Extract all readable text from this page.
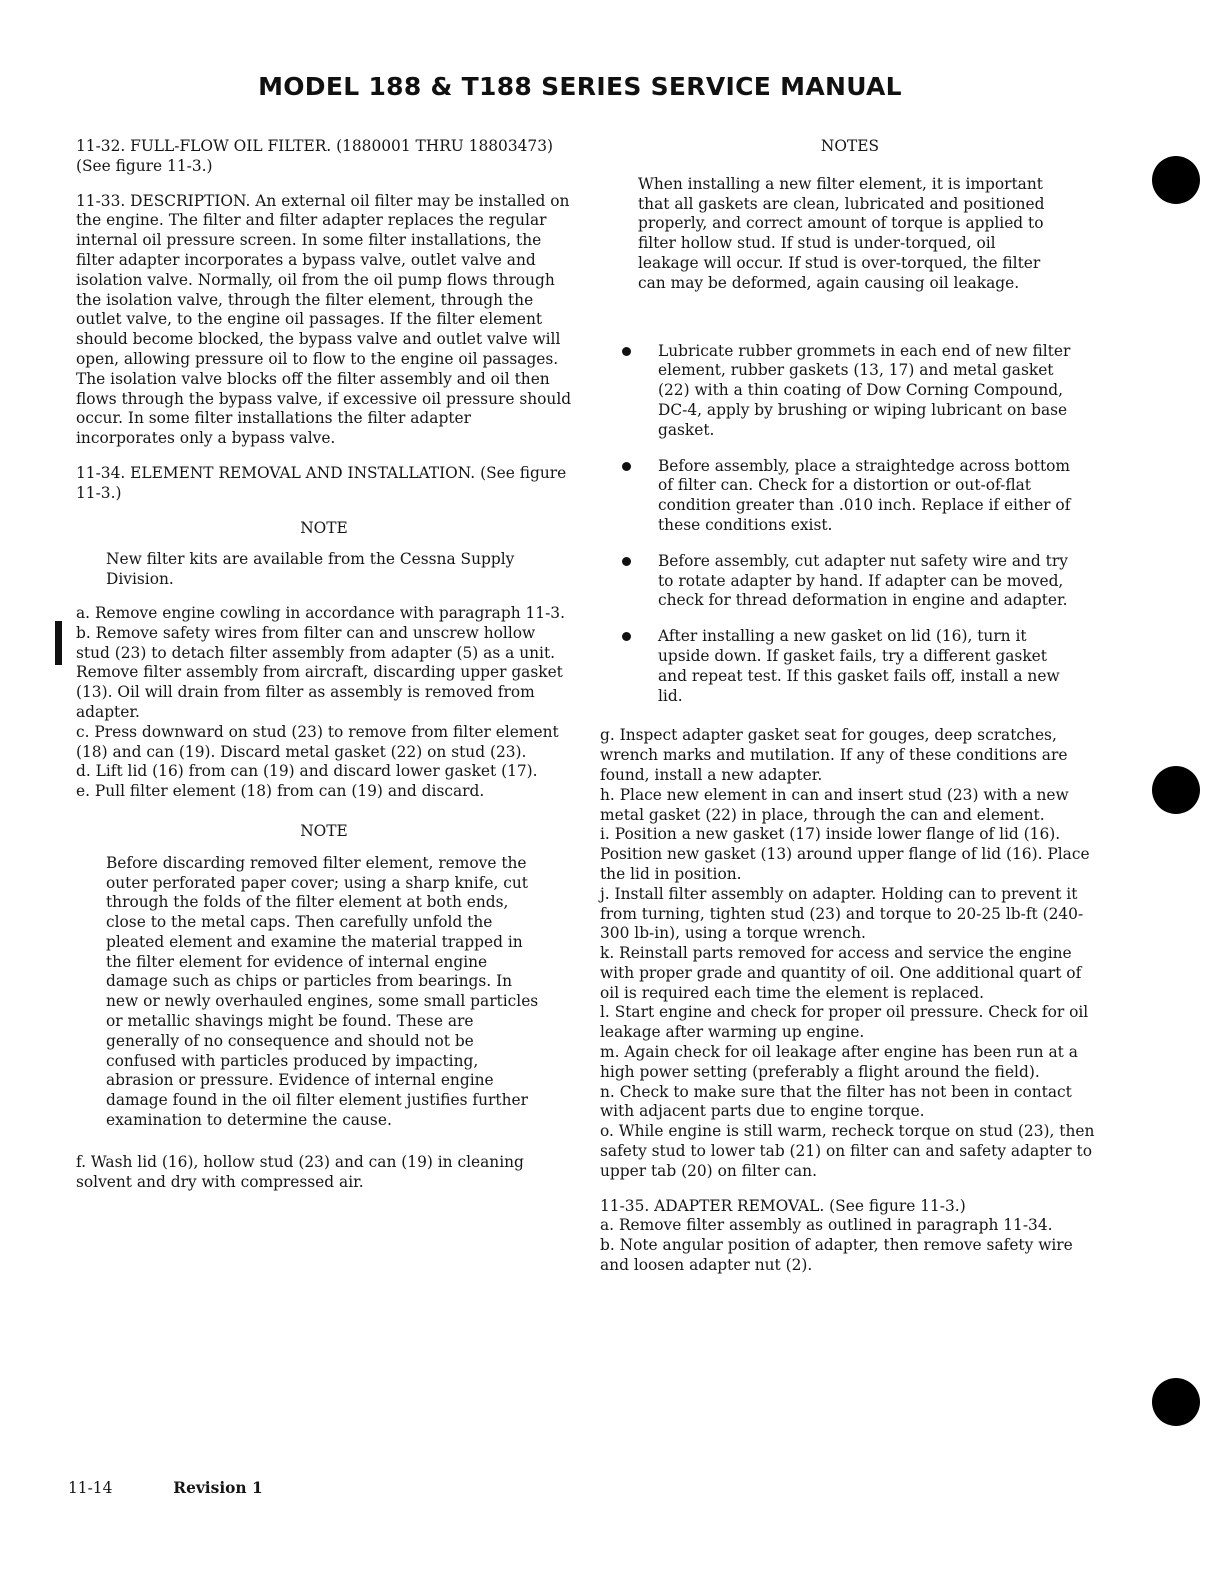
MODEL 188 & T188 SERIES SERVICE MANUAL

11-32. FULL-FLOW OIL FILTER. (1880001 THRU 18803473) (See figure 11-3.)

11-33. DESCRIPTION. An external oil filter may be installed on the engine. The filter and filter adapter replaces the regular internal oil pressure screen. In some filter installations, the filter adapter incorporates a bypass valve, outlet valve and isolation valve. Normally, oil from the oil pump flows through the isolation valve, through the filter element, through the outlet valve, to the engine oil passages. If the filter element should become blocked, the bypass valve and outlet valve will open, allowing pressure oil to flow to the engine oil passages. The isolation valve blocks off the filter assembly and oil then flows through the bypass valve, if excessive oil pressure should occur. In some filter installations the filter adapter incorporates only a bypass valve.

11-34. ELEMENT REMOVAL AND INSTALLATION. (See figure 11-3.)

NOTE

New filter kits are available from the Cessna Supply Division.

a. Remove engine cowling in accordance with paragraph 11-3.

b. Remove safety wires from filter can and unscrew hollow stud (23) to detach filter assembly from adapter (5) as a unit. Remove filter assembly from aircraft, discarding upper gasket (13). Oil will drain from filter as assembly is removed from adapter.

c. Press downward on stud (23) to remove from filter element (18) and can (19). Discard metal gasket (22) on stud (23).

d. Lift lid (16) from can (19) and discard lower gasket (17).

e. Pull filter element (18) from can (19) and discard.

NOTE

Before discarding removed filter element, remove the outer perforated paper cover; using a sharp knife, cut through the folds of the filter element at both ends, close to the metal caps. Then carefully unfold the pleated element and examine the material trapped in the filter element for evidence of internal engine damage such as chips or particles from bearings. In new or newly overhauled engines, some small particles or metallic shavings might be found. These are generally of no consequence and should not be confused with particles produced by impacting, abrasion or pressure. Evidence of internal engine damage found in the oil filter element justifies further examination to determine the cause.

f. Wash lid (16), hollow stud (23) and can (19) in cleaning solvent and dry with compressed air.

NOTES

When installing a new filter element, it is important that all gaskets are clean, lubricated and positioned properly, and correct amount of torque is applied to filter hollow stud. If stud is under-torqued, oil leakage will occur. If stud is over-torqued, the filter can may be deformed, again causing oil leakage.

Lubricate rubber grommets in each end of new filter element, rubber gaskets (13, 17) and metal gasket (22) with a thin coating of Dow Corning Compound, DC-4, apply by brushing or wiping lubricant on base gasket.

Before assembly, place a straightedge across bottom of filter can. Check for a distortion or out-of-flat condition greater than .010 inch. Replace if either of these conditions exist.

Before assembly, cut adapter nut safety wire and try to rotate adapter by hand. If adapter can be moved, check for thread deformation in engine and adapter.

After installing a new gasket on lid (16), turn it upside down. If gasket fails, try a different gasket and repeat test. If this gasket fails off, install a new lid.

g. Inspect adapter gasket seat for gouges, deep scratches, wrench marks and mutilation. If any of these conditions are found, install a new adapter.

h. Place new element in can and insert stud (23) with a new metal gasket (22) in place, through the can and element.

i. Position a new gasket (17) inside lower flange of lid (16). Position new gasket (13) around upper flange of lid (16). Place the lid in position.

j. Install filter assembly on adapter. Holding can to prevent it from turning, tighten stud (23) and torque to 20-25 lb-ft (240-300 lb-in), using a torque wrench.

k. Reinstall parts removed for access and service the engine with proper grade and quantity of oil. One additional quart of oil is required each time the element is replaced.

l. Start engine and check for proper oil pressure. Check for oil leakage after warming up engine.

m. Again check for oil leakage after engine has been run at a high power setting (preferably a flight around the field).

n. Check to make sure that the filter has not been in contact with adjacent parts due to engine torque.

o. While engine is still warm, recheck torque on stud (23), then safety stud to lower tab (21) on filter can and safety adapter to upper tab (20) on filter can.

11-35. ADAPTER REMOVAL. (See figure 11-3.)

a. Remove filter assembly as outlined in paragraph 11-34.

b. Note angular position of adapter, then remove safety wire and loosen adapter nut (2).

11-14	Revision 1
